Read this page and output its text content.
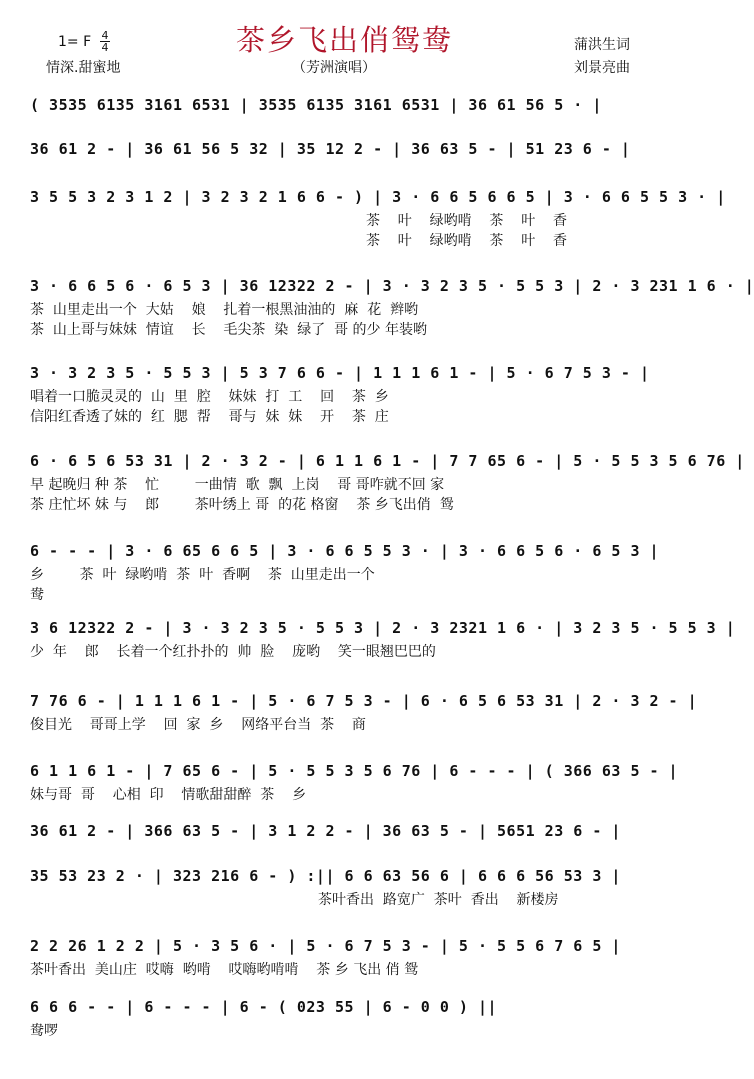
茶乡飞出俏鸳鸯
1= F 4
4
情深.甜蜜地	（芳洲演唱）
蒲洪生词
刘景亮曲
( 3535 6135 3161 6531 | 3535 6135 3161 6531 | 36 61 56 5 · |
36 61 2 - | 36 61 56 5 32 | 35 12 2 - | 36 63 5 - | 51 23 6 - |
3 5 5 3 2 3 1 2 | 3 2 3 2 1 6 6 - ) | 3 · 6 6 5 6 6 5 | 3 · 6 6 5 5 3 · |
茶    叶    绿哟啃    茶    叶    香
茶    叶    绿哟啃    茶    叶    香
3 · 6 6 5 6 · 6 5 3 | 36 12322 2 - | 3 · 3 2 3 5 · 5 5 3 | 2 · 3 231 1 6 · |
茶  山里走出一个  大姑    娘    扎着一根黑油油的  麻  花  辫哟
茶  山上哥与妹妹  情谊    长    毛尖茶  染  绿了  哥 的少 年装哟
3 · 3 2 3 5 · 5 5 3 | 5 3 7 6 6 - | 1 1 1 6 1 - | 5 · 6 7 5 3 - |
唱着一口脆灵灵的  山  里  腔    妹妹  打  工    回    茶  乡
信阳红香透了妹的  红  腮  帮    哥与  妹  妹    开    茶  庄
6 · 6 5 6 53 31 | 2 · 3 2 - | 6 1 1 6 1 - | 7 7 65 6 - | 5 · 5 5 3 5 6 76 |
早 起晚归 种 茶    忙        一曲情  歌  飘  上岗    哥 哥咋就不回 家
茶 庄忙坏 妹 与    郎        茶叶绣上 哥  的花 格窗    茶 乡飞出俏  鸳
6 - - - | 3 · 6 65 6 6 5 | 3 · 6 6 5 5 3 · | 3 · 6 6 5 6 · 6 5 3 |
乡        茶  叶  绿哟啃  茶  叶  香啊    茶  山里走出一个
鸯
3 6 12322 2 - | 3 · 3 2 3 5 · 5 5 3 | 2 · 3 2321 1 6 · | 3 2 3 5 · 5 5 3 |
少  年    郎    长着一个红扑扑的  帅  脸    庞哟    笑一眼翘巴巴的
7 76 6 - | 1 1 1 6 1 - | 5 · 6 7 5 3 - | 6 · 6 5 6 53 31 | 2 · 3 2 - |
俊目光    哥哥上学    回  家  乡    网络平台当  茶    商
6 1 1 6 1 - | 7 65 6 - | 5 · 5 5 3 5 6 76 | 6 - - - | ( 366 63 5 - |
妹与哥  哥    心相  印    情歌甜甜醉  茶    乡
36 61 2 - | 366 63 5 - | 3 1 2 2 - | 36 63 5 - | 5651 23 6 - |
35 53 23 2 · | 323 216 6 - ) :|| 6 6 63 56 6 | 6 6 6 56 53 3 |
茶叶香出  路宽广  茶叶  香出    新楼房
2 2 26 1 2 2 | 5 · 3 5 6 · | 5 · 6 7 5 3 - | 5 · 5 5 6 7 6 5 |
茶叶香出  美山庄  哎嗨  哟啃    哎嗨哟啃啃    茶 乡 飞出 俏 鸳
6 6 6 - - | 6 - - - | 6 - ( 023 55 | 6 - 0 0 ) ||
鸯啰
